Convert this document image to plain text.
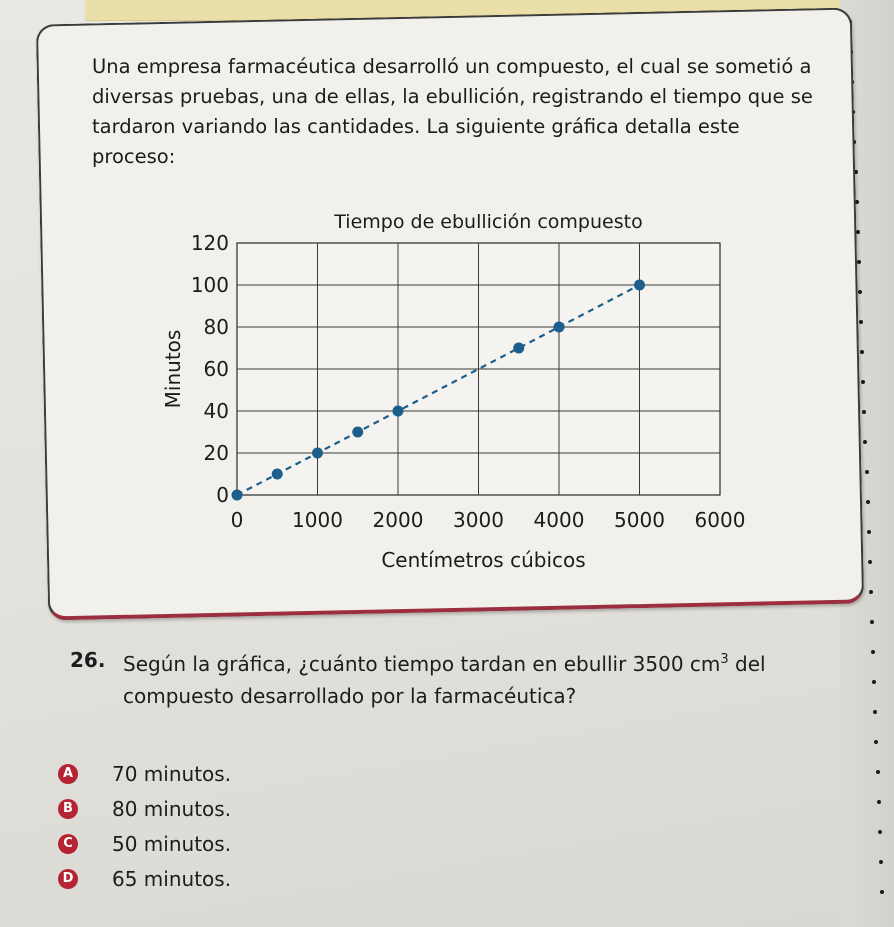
Una empresa farmacéutica desarrolló un compuesto, el cual se sometió a diversas pruebas, una de ellas, la ebullición, registrando el tiempo que se tardaron variando las cantidades. La siguiente gráfica detalla este proceso:
Tiempo de ebullición compuesto
0 1000 2000 3000 4000 5000 6000
0
20
40
60
80
100
120
Centímetros cúbicos
Minutos
26. Según la gráfica, ¿cuánto tiempo tardan en ebullir 3500 $cm^3$ del compuesto desarrollado por la farmacéutica?
A 70 minutos.
B 80 minutos.
C 50 minutos.
D 65 minutos.
